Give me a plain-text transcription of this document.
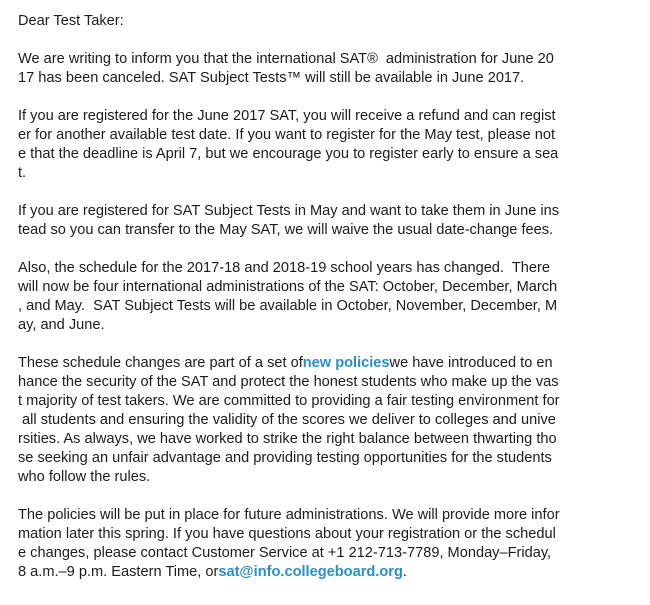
Dear Test Taker:
We are writing to inform you that the international SAT®  administration for June 20
17 has been canceled. SAT Subject Tests™ will still be available in June 2017.
If you are registered for the June 2017 SAT, you will receive a refund and can regist
er for another available test date. If you want to register for the May test, please not
e that the deadline is April 7, but we encourage you to register early to ensure a sea
t.
If you are registered for SAT Subject Tests in May and want to take them in June ins
tead so you can transfer to the May SAT, we will waive the usual date-change fees.
Also, the schedule for the 2017-18 and 2018-19 school years has changed.  There
will now be four international administrations of the SAT: October, December, March
, and May.  SAT Subject Tests will be available in October, November, December, M
ay, and June.
These schedule changes are part of a set ofnew policieswe have introduced to en
hance the security of the SAT and protect the honest students who make up the vas
t majority of test takers. We are committed to providing a fair testing environment for
all students and ensuring the validity of the scores we deliver to colleges and unive
rsities. As always, we have worked to strike the right balance between thwarting tho
se seeking an unfair advantage and providing testing opportunities for the students
who follow the rules.
The policies will be put in place for future administrations. We will provide more infor
mation later this spring. If you have questions about your registration or the schedul
e changes, please contact Customer Service at +1 212-713-7789, Monday–Friday,
8 a.m.–9 p.m. Eastern Time, orsat@info.collegeboard.org.
